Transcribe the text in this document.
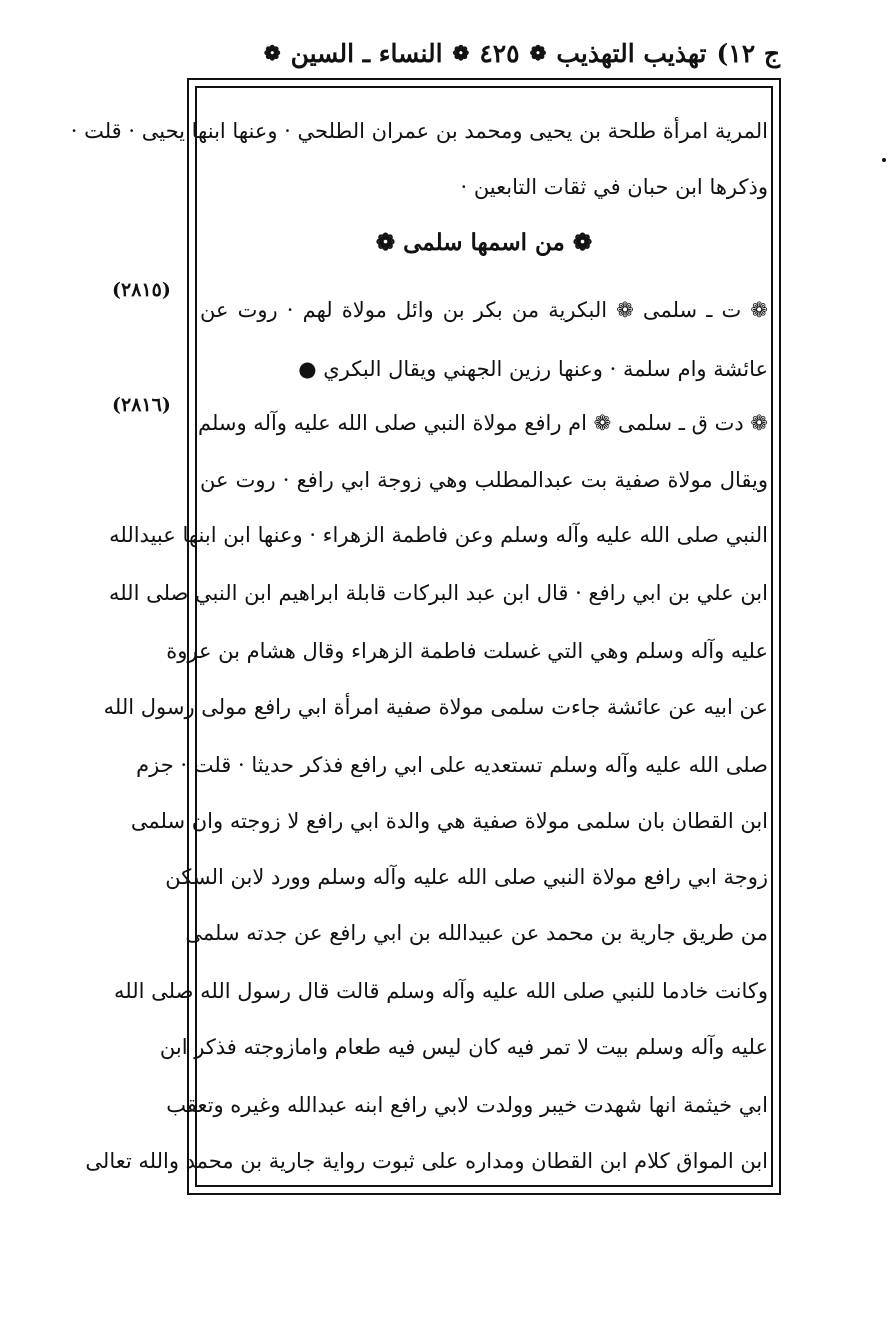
ج ١٢)
تهذيب التهذيب
❁
٤٢٥
❁
النساء ـ السين
❁
(٢٨١٥)
(٢٨١٦)
المرية امرأة طلحة بن يحيى ومحمد بن عمران الطلحي · وعنها ابنها يحيى · قلت ·
وذكرها ابن حبان في ثقات التابعين ·
❁ من اسمها سلمى ❁
❁ ت ـ سلمى ❁ البكرية من بكر بن وائل مولاة لهم · روت عن
عائشة وام سلمة · وعنها رزين الجهني ويقال البكري ●
❁ دت ق ـ سلمى ❁ ام رافع مولاة النبي صلى الله عليه وآله وسلم
ويقال مولاة صفية بت عبدالمطلب وهي زوجة ابي رافع · روت عن
النبي صلى الله عليه وآله وسلم وعن فاطمة الزهراء · وعنها ابن ابنها عبيدالله
ابن علي بن ابي رافع · قال ابن عبد البركات قابلة ابراهيم ابن النبي صلى الله
عليه وآله وسلم وهي التي غسلت فاطمة الزهراء وقال هشام بن عروة
عن ابيه عن عائشة جاءت سلمى مولاة صفية امرأة ابي رافع مولى رسول الله
صلى الله عليه وآله وسلم تستعديه على ابي رافع فذكر حديثا · قلت · جزم
ابن القطان بان سلمى مولاة صفية هي والدة ابي رافع لا زوجته وان سلمى
زوجة ابي رافع مولاة النبي صلى الله عليه وآله وسلم وورد لابن السكن
من طريق جارية بن محمد عن عبيدالله بن ابي رافع عن جدته سلمى
وكانت خادما للنبي صلى الله عليه وآله وسلم قالت قال رسول الله صلى الله
عليه وآله وسلم بيت لا تمر فيه كان ليس فيه طعام وامازوجته فذكر ابن
ابي خيثمة انها شهدت خيبر وولدت لابي رافع ابنه عبدالله وغيره وتعقب
ابن المواق كلام ابن القطان ومداره على ثبوت رواية جارية بن محمد والله تعالى
